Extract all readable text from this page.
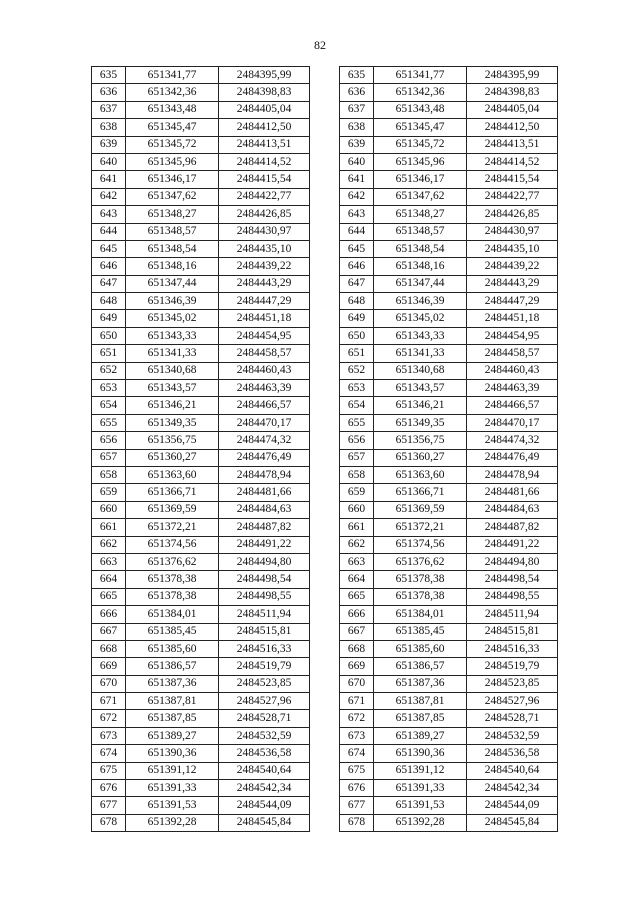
82
635	651341,77	2484395,99
636	651342,36	2484398,83
637	651343,48	2484405,04
638	651345,47	2484412,50
639	651345,72	2484413,51
640	651345,96	2484414,52
641	651346,17	2484415,54
642	651347,62	2484422,77
643	651348,27	2484426,85
644	651348,57	2484430,97
645	651348,54	2484435,10
646	651348,16	2484439,22
647	651347,44	2484443,29
648	651346,39	2484447,29
649	651345,02	2484451,18
650	651343,33	2484454,95
651	651341,33	2484458,57
652	651340,68	2484460,43
653	651343,57	2484463,39
654	651346,21	2484466,57
655	651349,35	2484470,17
656	651356,75	2484474,32
657	651360,27	2484476,49
658	651363,60	2484478,94
659	651366,71	2484481,66
660	651369,59	2484484,63
661	651372,21	2484487,82
662	651374,56	2484491,22
663	651376,62	2484494,80
664	651378,38	2484498,54
665	651378,38	2484498,55
666	651384,01	2484511,94
667	651385,45	2484515,81
668	651385,60	2484516,33
669	651386,57	2484519,79
670	651387,36	2484523,85
671	651387,81	2484527,96
672	651387,85	2484528,71
673	651389,27	2484532,59
674	651390,36	2484536,58
675	651391,12	2484540,64
676	651391,33	2484542,34
677	651391,53	2484544,09
678	651392,28	2484545,84
635	651341,77	2484395,99
636	651342,36	2484398,83
637	651343,48	2484405,04
638	651345,47	2484412,50
639	651345,72	2484413,51
640	651345,96	2484414,52
641	651346,17	2484415,54
642	651347,62	2484422,77
643	651348,27	2484426,85
644	651348,57	2484430,97
645	651348,54	2484435,10
646	651348,16	2484439,22
647	651347,44	2484443,29
648	651346,39	2484447,29
649	651345,02	2484451,18
650	651343,33	2484454,95
651	651341,33	2484458,57
652	651340,68	2484460,43
653	651343,57	2484463,39
654	651346,21	2484466,57
655	651349,35	2484470,17
656	651356,75	2484474,32
657	651360,27	2484476,49
658	651363,60	2484478,94
659	651366,71	2484481,66
660	651369,59	2484484,63
661	651372,21	2484487,82
662	651374,56	2484491,22
663	651376,62	2484494,80
664	651378,38	2484498,54
665	651378,38	2484498,55
666	651384,01	2484511,94
667	651385,45	2484515,81
668	651385,60	2484516,33
669	651386,57	2484519,79
670	651387,36	2484523,85
671	651387,81	2484527,96
672	651387,85	2484528,71
673	651389,27	2484532,59
674	651390,36	2484536,58
675	651391,12	2484540,64
676	651391,33	2484542,34
677	651391,53	2484544,09
678	651392,28	2484545,84
